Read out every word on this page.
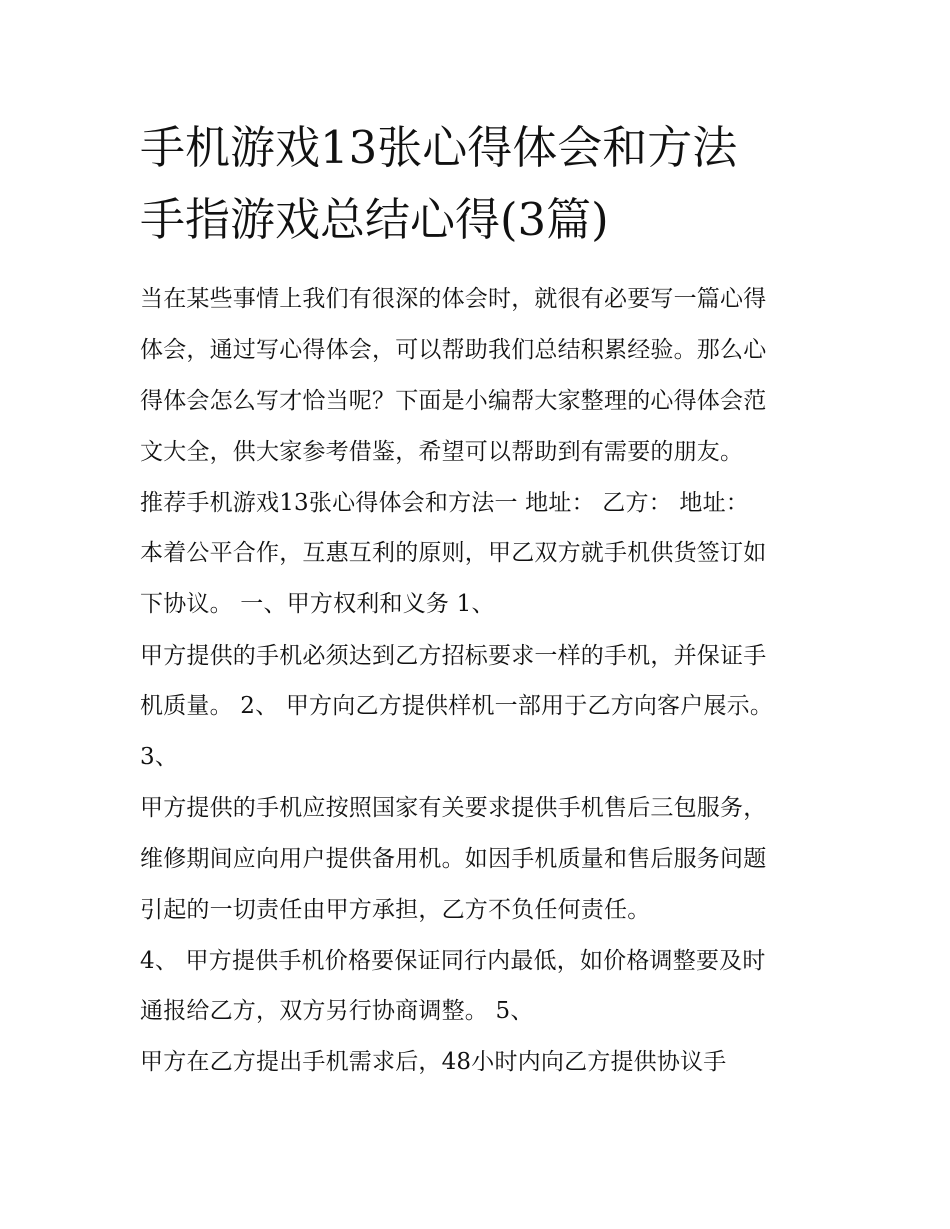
手机游戏13张心得体会和方法
手指游戏总结心得(3篇)
当在某些事情上我们有很深的体会时，就很有必要写一篇心得
体会，通过写心得体会，可以帮助我们总结积累经验。那么心
得体会怎么写才恰当呢？下面是小编帮大家整理的心得体会范
文大全，供大家参考借鉴，希望可以帮助到有需要的朋友。
推荐手机游戏13张心得体会和方法一 地址： 乙方： 地址：
本着公平合作，互惠互利的原则，甲乙双方就手机供货签订如
下协议。 一、甲方权利和义务 1、
甲方提供的手机必须达到乙方招标要求一样的手机，并保证手
机质量。 2、 甲方向乙方提供样机一部用于乙方向客户展示。
3、
甲方提供的手机应按照国家有关要求提供手机售后三包服务，
维修期间应向用户提供备用机。如因手机质量和售后服务问题
引起的一切责任由甲方承担，乙方不负任何责任。
4、 甲方提供手机价格要保证同行内最低，如价格调整要及时
通报给乙方，双方另行协商调整。 5、
甲方在乙方提出手机需求后，48小时内向乙方提供协议手
